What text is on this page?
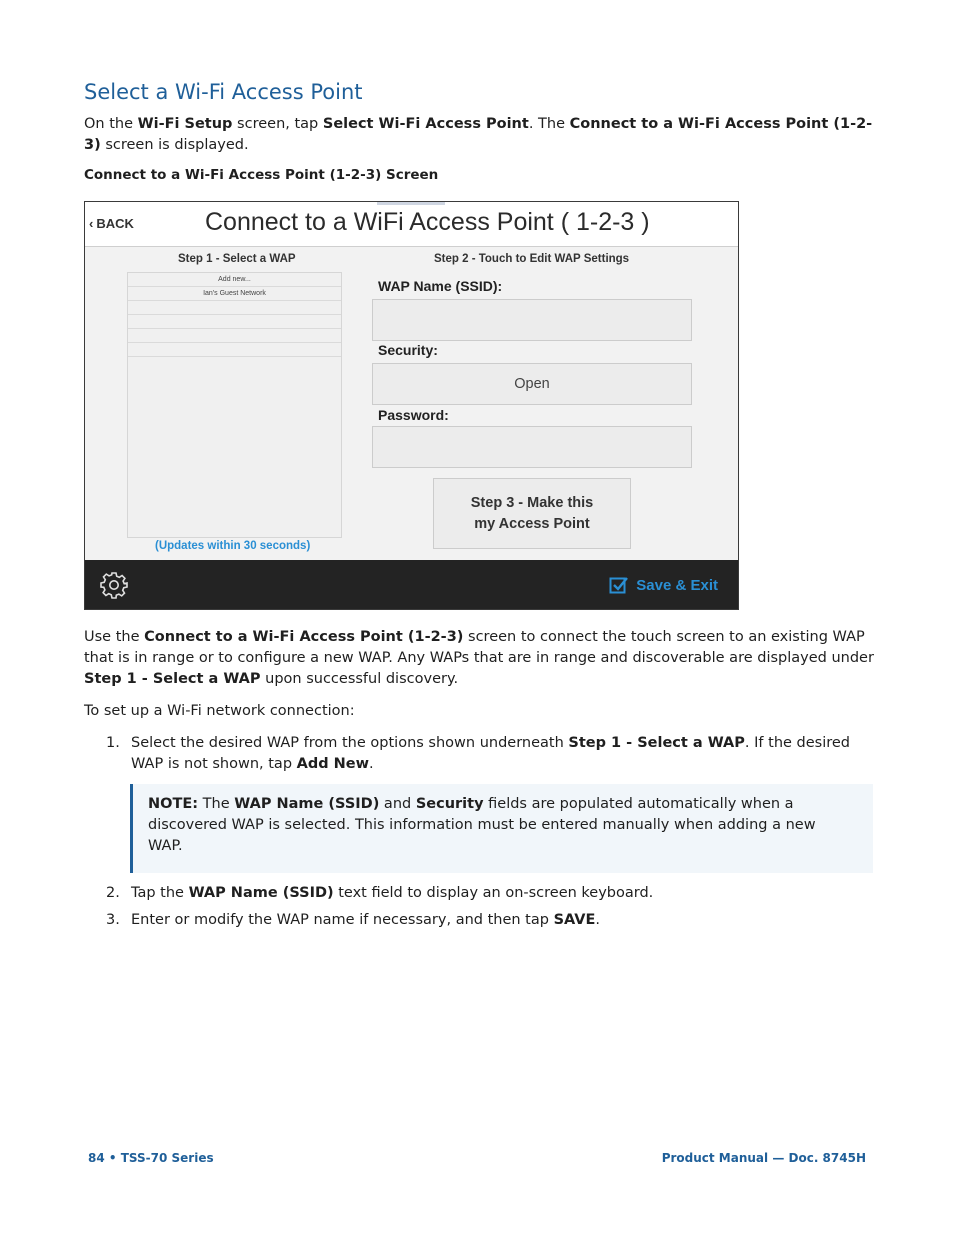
Select a Wi-Fi Access Point

On the Wi-Fi Setup screen, tap Select Wi-Fi Access Point. The Connect to a Wi-Fi Access Point (1-2-3) screen is displayed.

Connect to a Wi-Fi Access Point (1-2-3) Screen

‹ BACK	Connect to a WiFi Access Point ( 1-2-3 )
Step 1 - Select a WAP	Step 2 - Touch to Edit WAP Settings
Add new...
Ian's Guest Network
(Updates within 30 seconds)
WAP Name (SSID):
Security:
Open
Password:
Step 3 - Make this
my Access Point
Save & Exit

Use the Connect to a Wi-Fi Access Point (1-2-3) screen to connect the touch screen to an existing WAP that is in range or to configure a new WAP. Any WAPs that are in range and discoverable are displayed under Step 1 - Select a WAP upon successful discovery.

To set up a Wi-Fi network connection:

1. Select the desired WAP from the options shown underneath Step 1 - Select a WAP. If the desired WAP is not shown, tap Add New.
NOTE: The WAP Name (SSID) and Security fields are populated automatically when a discovered WAP is selected. This information must be entered manually when adding a new WAP.
2. Tap the WAP Name (SSID) text field to display an on-screen keyboard.
3. Enter or modify the WAP name if necessary, and then tap SAVE.
84 • TSS-70 Series	Product Manual — Doc. 8745H
